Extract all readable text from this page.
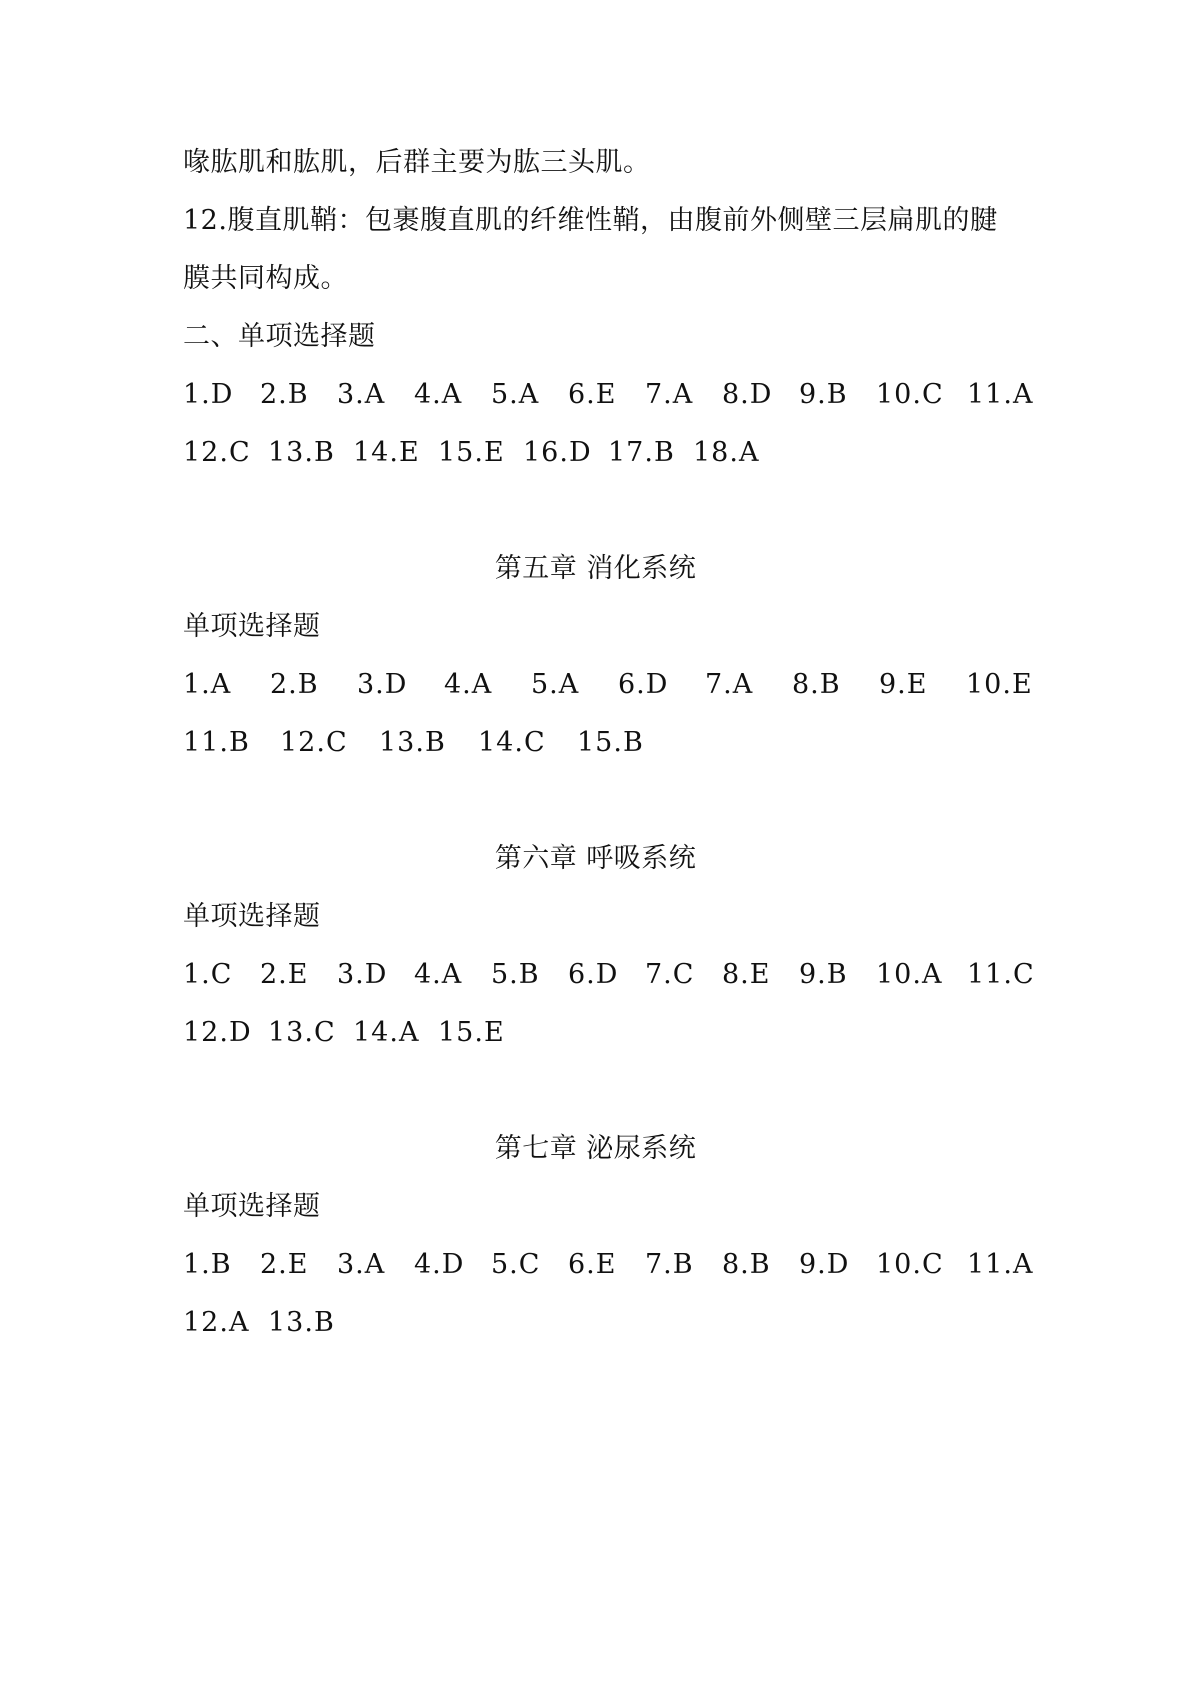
喙肱肌和肱肌，后群主要为肱三头肌。
12.腹直肌鞘：包裹腹直肌的纤维性鞘，由腹前外侧壁三层扁肌的腱
膜共同构成。
二、单项选择题
1.D 2.B 3.A 4.A 5.A 6.E 7.A 8.D 9.B 10.C 11.A
12.C 13.B 14.E 15.E 16.D 17.B 18.A
第五章 消化系统
单项选择题
1.A 2.B 3.D 4.A 5.A 6.D 7.A 8.B 9.E 10.E
11.B 12.C 13.B 14.C 15.B
第六章 呼吸系统
单项选择题
1.C 2.E 3.D 4.A 5.B 6.D 7.C 8.E 9.B 10.A 11.C
12.D 13.C 14.A 15.E
第七章 泌尿系统
单项选择题
1.B 2.E 3.A 4.D 5.C 6.E 7.B 8.B 9.D 10.C 11.A
12.A 13.B
